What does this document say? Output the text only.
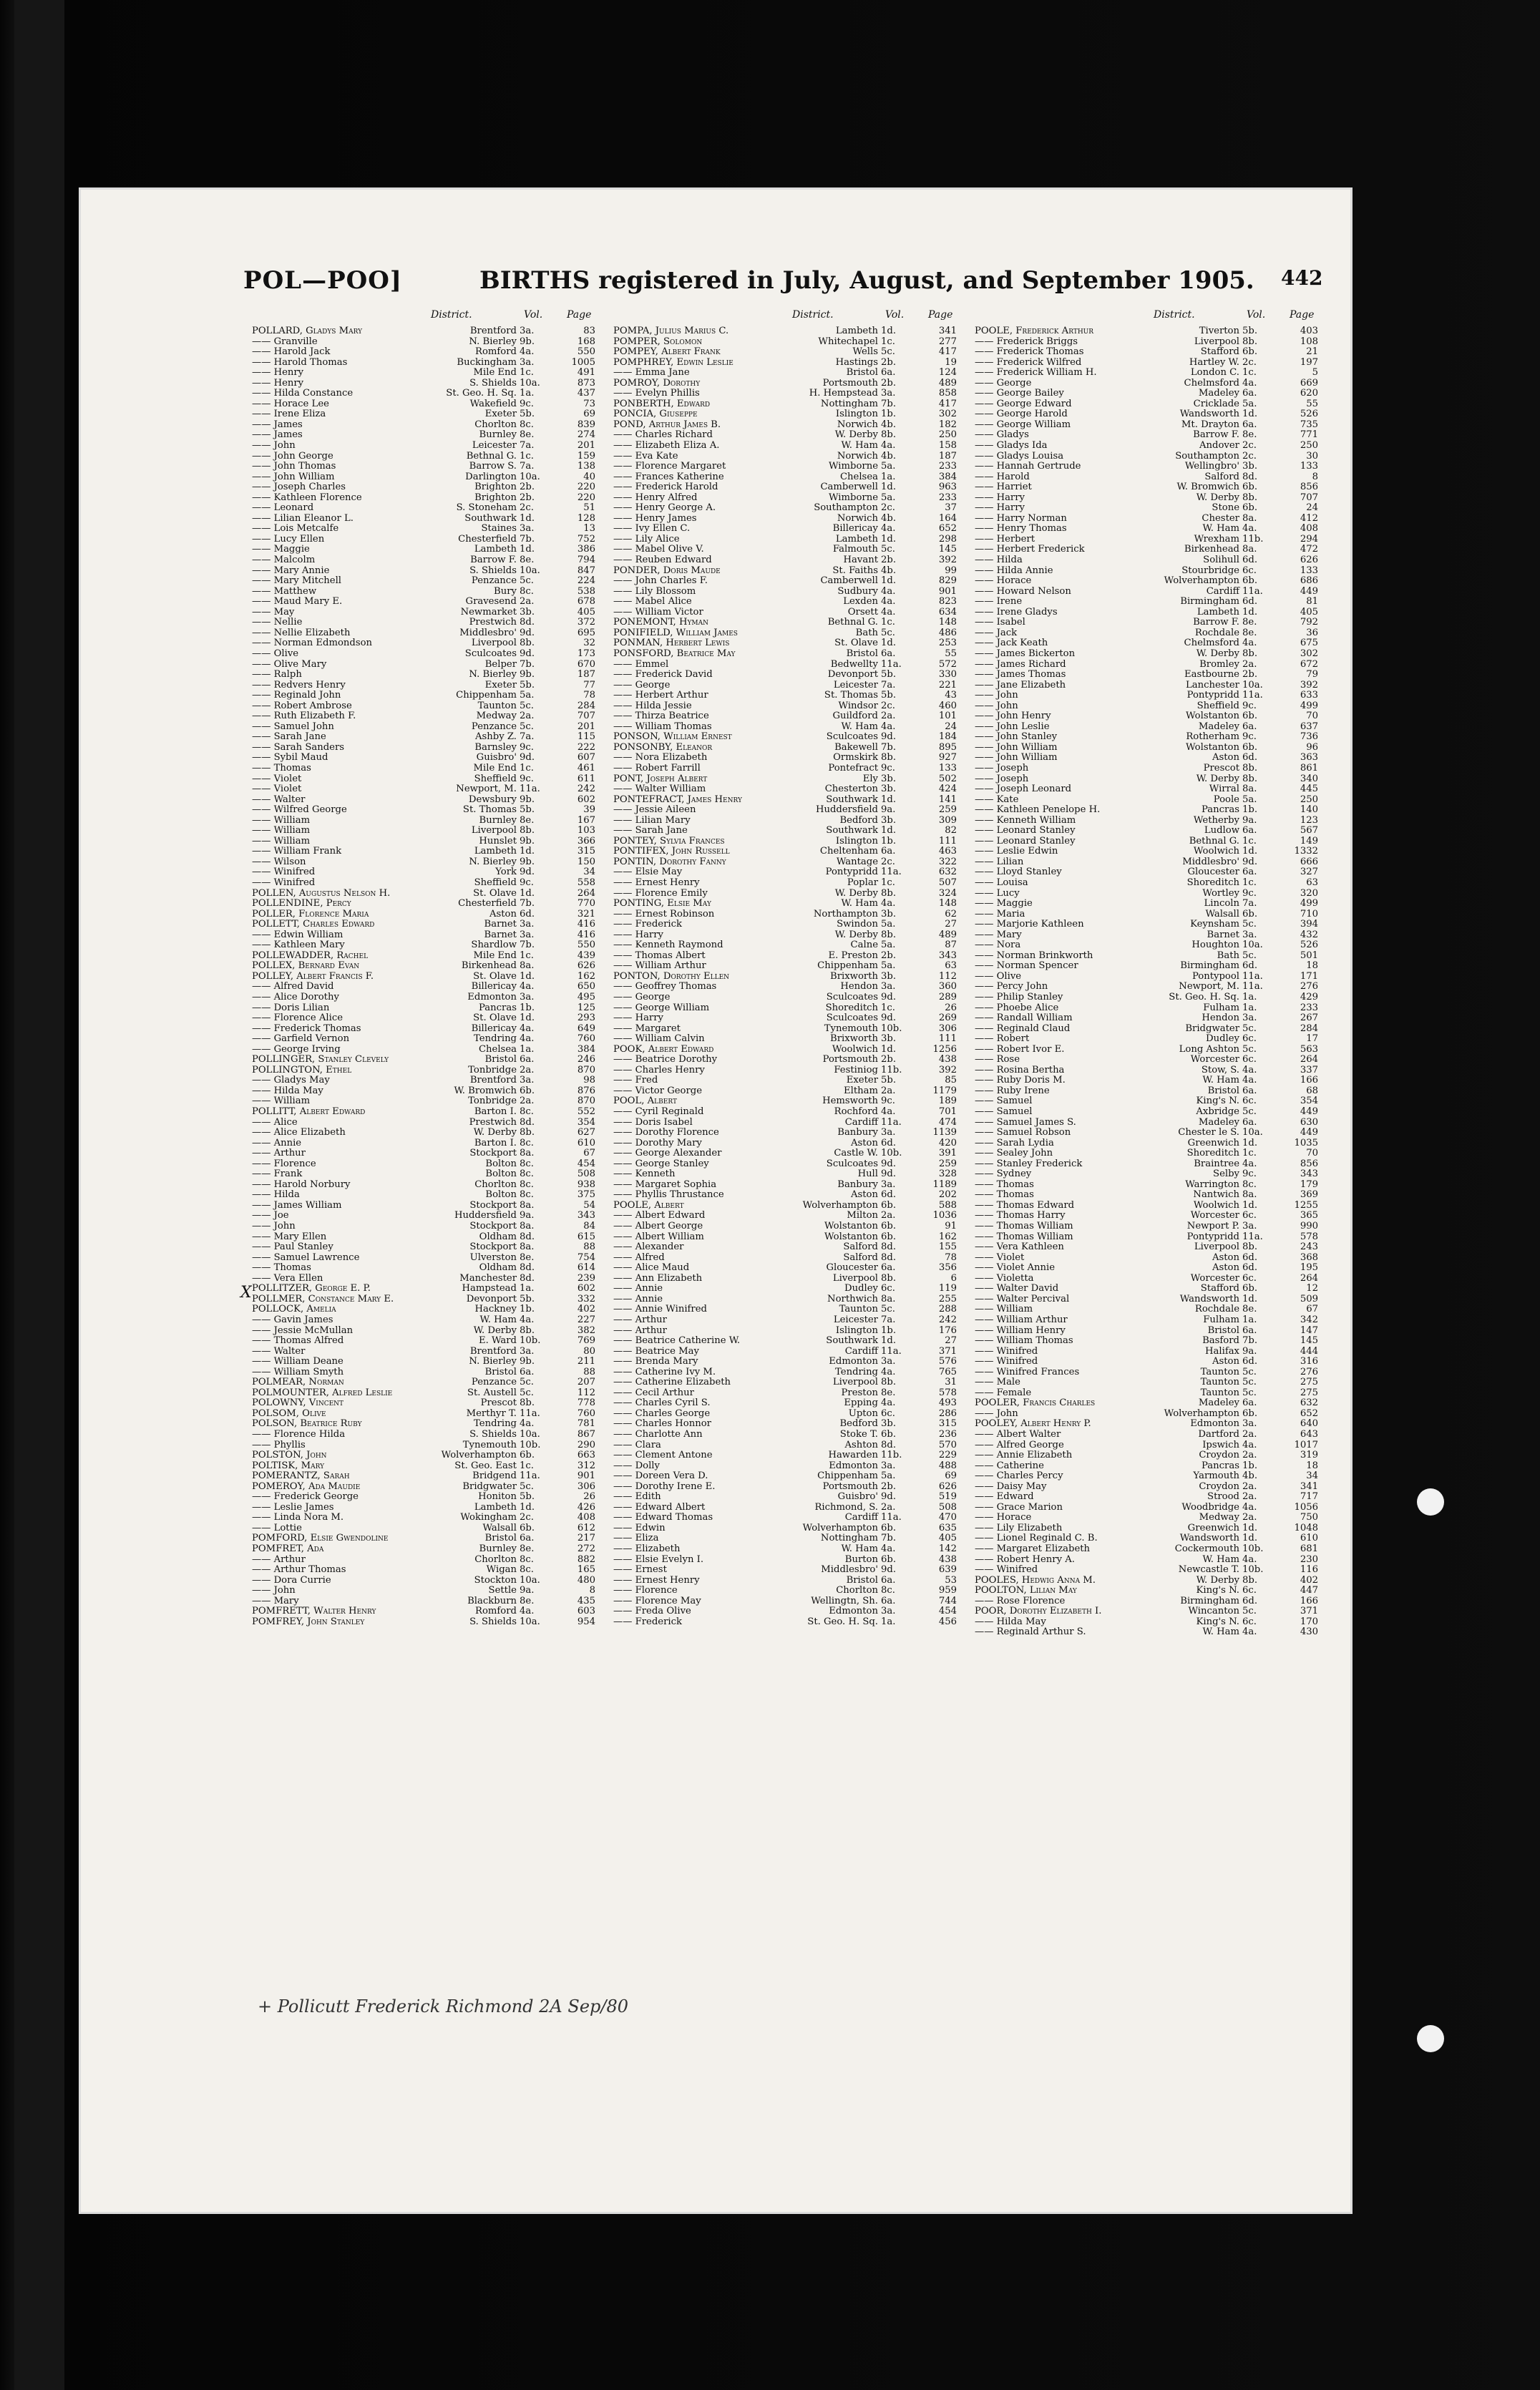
POL—POO]	BIRTHS registered in July, August, and September 1905. 442
District.	Vol. Page
POLLARD, Gladys Mary	Brentford 3a.	83
—— Granville	N. Bierley 9b.	168
—— Harold Jack	Romford 4a.	550
—— Harold Thomas	Buckingham 3a.	1005
—— Henry	Mile End 1c.	491
—— Henry	S. Shields 10a.	873
—— Hilda Constance	St. Geo. H. Sq. 1a.	437
—— Horace Lee	Wakefield 9c.	73
—— Irene Eliza	Exeter 5b.	69
—— James	Chorlton 8c.	839
—— James	Burnley 8e.	274
—— John	Leicester 7a.	201
—— John George	Bethnal G. 1c.	159
—— John Thomas	Barrow S. 7a.	138
—— John William	Darlington 10a.	40
—— Joseph Charles	Brighton 2b.	220
—— Kathleen Florence	Brighton 2b.	220
—— Leonard	S. Stoneham 2c.	51
—— Lilian Eleanor L.	Southwark 1d.	128
—— Lois Metcalfe	Staines 3a.	13
—— Lucy Ellen	Chesterfield 7b.	752
—— Maggie	Lambeth 1d.	386
—— Malcolm	Barrow F. 8e.	794
—— Mary Annie	S. Shields 10a.	847
—— Mary Mitchell	Penzance 5c.	224
—— Matthew	Bury 8c.	538
—— Maud Mary E.	Gravesend 2a.	678
—— May	Newmarket 3b.	405
—— Nellie	Prestwich 8d.	372
—— Nellie Elizabeth	Middlesbro' 9d.	695
—— Norman Edmondson	Liverpool 8b.	32
—— Olive	Sculcoates 9d.	173
—— Olive Mary	Belper 7b.	670
—— Ralph	N. Bierley 9b.	187
—— Redvers Henry	Exeter 5b.	77
—— Reginald John	Chippenham 5a.	78
—— Robert Ambrose	Taunton 5c.	284
—— Ruth Elizabeth F.	Medway 2a.	707
—— Samuel John	Penzance 5c.	201
—— Sarah Jane	Ashby Z. 7a.	115
—— Sarah Sanders	Barnsley 9c.	222
—— Sybil Maud	Guisbro' 9d.	607
—— Thomas	Mile End 1c.	461
—— Violet	Sheffield 9c.	611
—— Violet	Newport, M. 11a.	242
—— Walter	Dewsbury 9b.	602
—— Wilfred George	St. Thomas 5b.	39
—— William	Burnley 8e.	167
—— William	Liverpool 8b.	103
—— William	Hunslet 9b.	366
—— William Frank	Lambeth 1d.	315
—— Wilson	N. Bierley 9b.	150
—— Winifred	York 9d.	34
—— Winifred	Sheffield 9c.	558
POLLEN, Augustus Nelson H.	St. Olave 1d.	264
POLLENDINE, Percy	Chesterfield 7b.	770
POLLER, Florence Maria	Aston 6d.	321
POLLETT, Charles Edward	Barnet 3a.	416
—— Edwin William	Barnet 3a.	416
—— Kathleen Mary	Shardlow 7b.	550
POLLEWADDER, Rachel	Mile End 1c.	439
POLLEX, Bernard Evan	Birkenhead 8a.	626
POLLEY, Albert Francis F.	St. Olave 1d.	162
—— Alfred David	Billericay 4a.	650
—— Alice Dorothy	Edmonton 3a.	495
—— Doris Lilian	Pancras 1b.	125
—— Florence Alice	St. Olave 1d.	293
—— Frederick Thomas	Billericay 4a.	649
—— Garfield Vernon	Tendring 4a.	760
—— George Irving	Chelsea 1a.	384
POLLINGER, Stanley Clevely	Bristol 6a.	246
POLLINGTON, Ethel	Tonbridge 2a.	870
—— Gladys May	Brentford 3a.	98
—— Hilda May	W. Bromwich 6b.	876
—— William	Tonbridge 2a.	870
POLLITT, Albert Edward	Barton I. 8c.	552
—— Alice	Prestwich 8d.	354
—— Alice Elizabeth	W. Derby 8b.	627
—— Annie	Barton I. 8c.	610
—— Arthur	Stockport 8a.	67
—— Florence	Bolton 8c.	454
—— Frank	Bolton 8c.	508
—— Harold Norbury	Chorlton 8c.	938
—— Hilda	Bolton 8c.	375
—— James William	Stockport 8a.	54
—— Joe	Huddersfield 9a.	343
—— John	Stockport 8a.	84
—— Mary Ellen	Oldham 8d.	615
—— Paul Stanley	Stockport 8a.	88
—— Samuel Lawrence	Ulverston 8e.	754
—— Thomas	Oldham 8d.	614
—— Vera Ellen	Manchester 8d.	239
POLLITZER, George E. P.	Hampstead 1a.	602
POLLMER, Constance Mary E.	Devonport 5b.	332
POLLOCK, Amelia	Hackney 1b.	402
—— Gavin James	W. Ham 4a.	227
—— Jessie McMullan	W. Derby 8b.	382
—— Thomas Alfred	E. Ward 10b.	769
—— Walter	Brentford 3a.	80
—— William Deane	N. Bierley 9b.	211
—— William Smyth	Bristol 6a.	88
POLMEAR, Norman	Penzance 5c.	207
POLMOUNTER, Alfred Leslie	St. Austell 5c.	112
POLOWNY, Vincent	Prescot 8b.	778
POLSOM, Olive	Merthyr T. 11a.	760
POLSON, Beatrice Ruby	Tendring 4a.	781
—— Florence Hilda	S. Shields 10a.	867
—— Phyllis	Tynemouth 10b.	290
POLSTON, John	Wolverhampton 6b.	663
POLTISK, Mary	St. Geo. East 1c.	312
POMERANTZ, Sarah	Bridgend 11a.	901
POMEROY, Ada Maudie	Bridgwater 5c.	306
—— Frederick George	Honiton 5b.	26
—— Leslie James	Lambeth 1d.	426
—— Linda Nora M.	Wokingham 2c.	408
—— Lottie	Walsall 6b.	612
POMFORD, Elsie Gwendoline	Bristol 6a.	217
POMFRET, Ada	Burnley 8e.	272
—— Arthur	Chorlton 8c.	882
—— Arthur Thomas	Wigan 8c.	165
—— Dora Currie	Stockton 10a.	480
—— John	Settle 9a.	8
—— Mary	Blackburn 8e.	435
POMFRETT, Walter Henry	Romford 4a.	603
POMFREY, John Stanley	S. Shields 10a.	954
District.	Vol. Page
POMPA, Julius Marius C.	Lambeth 1d.	341
POMPER, Solomon	Whitechapel 1c.	277
POMPEY, Albert Frank	Wells 5c.	417
POMPHREY, Edwin Leslie	Hastings 2b.	19
—— Emma Jane	Bristol 6a.	124
POMROY, Dorothy	Portsmouth 2b.	489
—— Evelyn Phillis	H. Hempstead 3a.	858
PONBERTH, Edward	Nottingham 7b.	417
PONCIA, Giuseppe	Islington 1b.	302
POND, Arthur James B.	Norwich 4b.	182
—— Charles Richard	W. Derby 8b.	250
—— Elizabeth Eliza A.	W. Ham 4a.	158
—— Eva Kate	Norwich 4b.	187
—— Florence Margaret	Wimborne 5a.	233
—— Frances Katherine	Chelsea 1a.	384
—— Frederick Harold	Camberwell 1d.	963
—— Henry Alfred	Wimborne 5a.	233
—— Henry George A.	Southampton 2c.	37
—— Henry James	Norwich 4b.	164
—— Ivy Ellen C.	Billericay 4a.	652
—— Lily Alice	Lambeth 1d.	298
—— Mabel Olive V.	Falmouth 5c.	145
—— Reuben Edward	Havant 2b.	392
PONDER, Doris Maude	St. Faiths 4b.	99
—— John Charles F.	Camberwell 1d.	829
—— Lily Blossom	Sudbury 4a.	901
—— Mabel Alice	Lexden 4a.	823
—— William Victor	Orsett 4a.	634
PONEMONT, Hyman	Bethnal G. 1c.	148
PONIFIELD, William James	Bath 5c.	486
PONMAN, Herbert Lewis	St. Olave 1d.	253
PONSFORD, Beatrice May	Bristol 6a.	55
—— Emmel	Bedwellty 11a.	572
—— Frederick David	Devonport 5b.	330
—— George	Leicester 7a.	221
—— Herbert Arthur	St. Thomas 5b.	43
—— Hilda Jessie	Windsor 2c.	460
—— Thirza Beatrice	Guildford 2a.	101
—— William Thomas	W. Ham 4a.	24
PONSON, William Ernest	Sculcoates 9d.	184
PONSONBY, Eleanor	Bakewell 7b.	895
—— Nora Elizabeth	Ormskirk 8b.	927
—— Robert Farrill	Pontefract 9c.	133
PONT, Joseph Albert	Ely 3b.	502
—— Walter William	Chesterton 3b.	424
PONTEFRACT, James Henry	Southwark 1d.	141
—— Jessie Aileen	Huddersfield 9a.	259
—— Lilian Mary	Bedford 3b.	309
—— Sarah Jane	Southwark 1d.	82
PONTEY, Sylvia Frances	Islington 1b.	111
PONTIFEX, John Russell	Cheltenham 6a.	463
PONTIN, Dorothy Fanny	Wantage 2c.	322
—— Elsie May	Pontypridd 11a.	632
—— Ernest Henry	Poplar 1c.	507
—— Florence Emily	W. Derby 8b.	324
PONTING, Elsie May	W. Ham 4a.	148
—— Ernest Robinson	Northampton 3b.	62
—— Frederick	Swindon 5a.	27
—— Harry	W. Derby 8b.	489
—— Kenneth Raymond	Calne 5a.	87
—— Thomas Albert	E. Preston 2b.	343
—— William Arthur	Chippenham 5a.	63
PONTON, Dorothy Ellen	Brixworth 3b.	112
—— Geoffrey Thomas	Hendon 3a.	360
—— George	Sculcoates 9d.	289
—— George William	Shoreditch 1c.	26
—— Harry	Sculcoates 9d.	269
—— Margaret	Tynemouth 10b.	306
—— William Calvin	Brixworth 3b.	111
POOK, Albert Edward	Woolwich 1d.	1256
—— Beatrice Dorothy	Portsmouth 2b.	438
—— Charles Henry	Festiniog 11b.	392
—— Fred	Exeter 5b.	85
—— Victor George	Eltham 2a.	1179
POOL, Albert	Hemsworth 9c.	189
—— Cyril Reginald	Rochford 4a.	701
—— Doris Isabel	Cardiff 11a.	474
—— Dorothy Florence	Banbury 3a.	1139
—— Dorothy Mary	Aston 6d.	420
—— George Alexander	Castle W. 10b.	391
—— George Stanley	Sculcoates 9d.	259
—— Kenneth	Hull 9d.	328
—— Margaret Sophia	Banbury 3a.	1189
—— Phyllis Thrustance	Aston 6d.	202
POOLE, Albert	Wolverhampton 6b.	588
—— Albert Edward	Milton 2a.	1036
—— Albert George	Wolstanton 6b.	91
—— Albert William	Wolstanton 6b.	162
—— Alexander	Salford 8d.	155
—— Alfred	Salford 8d.	78
—— Alice Maud	Gloucester 6a.	356
—— Ann Elizabeth	Liverpool 8b.	6
—— Annie	Dudley 6c.	119
—— Annie	Northwich 8a.	255
—— Annie Winifred	Taunton 5c.	288
—— Arthur	Leicester 7a.	242
—— Arthur	Islington 1b.	176
—— Beatrice Catherine W.	Southwark 1d.	27
—— Beatrice May	Cardiff 11a.	371
—— Brenda Mary	Edmonton 3a.	576
—— Catherine Ivy M.	Tendring 4a.	765
—— Catherine Elizabeth	Liverpool 8b.	31
—— Cecil Arthur	Preston 8e.	578
—— Charles Cyril S.	Epping 4a.	493
—— Charles George	Upton 6c.	286
—— Charles Honnor	Bedford 3b.	315
—— Charlotte Ann	Stoke T. 6b.	236
—— Clara	Ashton 8d.	570
—— Clement Antone	Hawarden 11b.	229
—— Dolly	Edmonton 3a.	488
—— Doreen Vera D.	Chippenham 5a.	69
—— Dorothy Irene E.	Portsmouth 2b.	626
—— Edith	Guisbro' 9d.	519
—— Edward Albert	Richmond, S. 2a.	508
—— Edward Thomas	Cardiff 11a.	470
—— Edwin	Wolverhampton 6b.	635
—— Eliza	Nottingham 7b.	405
—— Elizabeth	W. Ham 4a.	142
—— Elsie Evelyn I.	Burton 6b.	438
—— Ernest	Middlesbro' 9d.	639
—— Ernest Henry	Bristol 6a.	53
—— Florence	Chorlton 8c.	959
—— Florence May	Wellingtn, Sh. 6a.	744
—— Freda Olive	Edmonton 3a.	454
—— Frederick	St. Geo. H. Sq. 1a.	456
District.	Vol. Page
POOLE, Frederick Arthur	Tiverton 5b.	403
—— Frederick Briggs	Liverpool 8b.	108
—— Frederick Thomas	Stafford 6b.	21
—— Frederick Wilfred	Hartley W. 2c.	197
—— Frederick William H.	London C. 1c.	5
—— George	Chelmsford 4a.	669
—— George Bailey	Madeley 6a.	620
—— George Edward	Cricklade 5a.	55
—— George Harold	Wandsworth 1d.	526
—— George William	Mt. Drayton 6a.	735
—— Gladys	Barrow F. 8e.	771
—— Gladys Ida	Andover 2c.	250
—— Gladys Louisa	Southampton 2c.	30
—— Hannah Gertrude	Wellingbro' 3b.	133
—— Harold	Salford 8d.	8
—— Harriet	W. Bromwich 6b.	856
—— Harry	W. Derby 8b.	707
—— Harry	Stone 6b.	24
—— Harry Norman	Chester 8a.	412
—— Henry Thomas	W. Ham 4a.	408
—— Herbert	Wrexham 11b.	294
—— Herbert Frederick	Birkenhead 8a.	472
—— Hilda	Solihull 6d.	626
—— Hilda Annie	Stourbridge 6c.	133
—— Horace	Wolverhampton 6b.	686
—— Howard Nelson	Cardiff 11a.	449
—— Irene	Birmingham 6d.	81
—— Irene Gladys	Lambeth 1d.	405
—— Isabel	Barrow F. 8e.	792
—— Jack	Rochdale 8e.	36
—— Jack Keath	Chelmsford 4a.	675
—— James Bickerton	W. Derby 8b.	302
—— James Richard	Bromley 2a.	672
—— James Thomas	Eastbourne 2b.	79
—— Jane Elizabeth	Lanchester 10a.	392
—— John	Pontypridd 11a.	633
—— John	Sheffield 9c.	499
—— John Henry	Wolstanton 6b.	70
—— John Leslie	Madeley 6a.	637
—— John Stanley	Rotherham 9c.	736
—— John William	Wolstanton 6b.	96
—— John William	Aston 6d.	363
—— Joseph	Prescot 8b.	861
—— Joseph	W. Derby 8b.	340
—— Joseph Leonard	Wirral 8a.	445
—— Kate	Poole 5a.	250
—— Kathleen Penelope H.	Pancras 1b.	140
—— Kenneth William	Wetherby 9a.	123
—— Leonard Stanley	Ludlow 6a.	567
—— Leonard Stanley	Bethnal G. 1c.	149
—— Leslie Edwin	Woolwich 1d.	1332
—— Lilian	Middlesbro' 9d.	666
—— Lloyd Stanley	Gloucester 6a.	327
—— Louisa	Shoreditch 1c.	63
—— Lucy	Wortley 9c.	320
—— Maggie	Lincoln 7a.	499
—— Maria	Walsall 6b.	710
—— Marjorie Kathleen	Keynsham 5c.	394
—— Mary	Barnet 3a.	432
—— Nora	Houghton 10a.	526
—— Norman Brinkworth	Bath 5c.	501
—— Norman Spencer	Birmingham 6d.	18
—— Olive	Pontypool 11a.	171
—— Percy John	Newport, M. 11a.	276
—— Philip Stanley	St. Geo. H. Sq. 1a.	429
—— Phoebe Alice	Fulham 1a.	233
—— Randall William	Hendon 3a.	267
—— Reginald Claud	Bridgwater 5c.	284
—— Robert	Dudley 6c.	17
—— Robert Ivor E.	Long Ashton 5c.	563
—— Rose	Worcester 6c.	264
—— Rosina Bertha	Stow, S. 4a.	337
—— Ruby Doris M.	W. Ham 4a.	166
—— Ruby Irene	Bristol 6a.	68
—— Samuel	King's N. 6c.	354
—— Samuel	Axbridge 5c.	449
—— Samuel James S.	Madeley 6a.	630
—— Samuel Robson	Chester le S. 10a.	449
—— Sarah Lydia	Greenwich 1d.	1035
—— Sealey John	Shoreditch 1c.	70
—— Stanley Frederick	Braintree 4a.	856
—— Sydney	Selby 9c.	343
—— Thomas	Warrington 8c.	179
—— Thomas	Nantwich 8a.	369
—— Thomas Edward	Woolwich 1d.	1255
—— Thomas Harry	Worcester 6c.	365
—— Thomas William	Newport P. 3a.	990
—— Thomas William	Pontypridd 11a.	578
—— Vera Kathleen	Liverpool 8b.	243
—— Violet	Aston 6d.	368
—— Violet Annie	Aston 6d.	195
—— Violetta	Worcester 6c.	264
—— Walter David	Stafford 6b.	12
—— Walter Percival	Wandsworth 1d.	509
—— William	Rochdale 8e.	67
—— William Arthur	Fulham 1a.	342
—— William Henry	Bristol 6a.	147
—— William Thomas	Basford 7b.	145
—— Winifred	Halifax 9a.	444
—— Winifred	Aston 6d.	316
—— Winifred Frances	Taunton 5c.	276
—— Male	Taunton 5c.	275
—— Female	Taunton 5c.	275
POOLER, Francis Charles	Madeley 6a.	632
—— John	Wolverhampton 6b.	652
POOLEY, Albert Henry P.	Edmonton 3a.	640
—— Albert Walter	Dartford 2a.	643
—— Alfred George	Ipswich 4a.	1017
—— Annie Elizabeth	Croydon 2a.	319
—— Catherine	Pancras 1b.	18
—— Charles Percy	Yarmouth 4b.	34
—— Daisy May	Croydon 2a.	341
—— Edward	Strood 2a.	717
—— Grace Marion	Woodbridge 4a.	1056
—— Horace	Medway 2a.	750
—— Lily Elizabeth	Greenwich 1d.	1048
—— Lionel Reginald C. B.	Wandsworth 1d.	610
—— Margaret Elizabeth	Cockermouth 10b.	681
—— Robert Henry A.	W. Ham 4a.	230
—— Winifred	Newcastle T. 10b.	116
POOLES, Hedwig Anna M.	W. Derby 8b.	402
POOLTON, Lilian May	King's N. 6c.	447
—— Rose Florence	Birmingham 6d.	166
POOR, Dorothy Elizabeth I.	Wincanton 5c.	371
—— Hilda May	King's N. 6c.	170
—— Reginald Arthur S.	W. Ham 4a.	430
X
+ Pollicutt Frederick Richmond 2A Sep/80
